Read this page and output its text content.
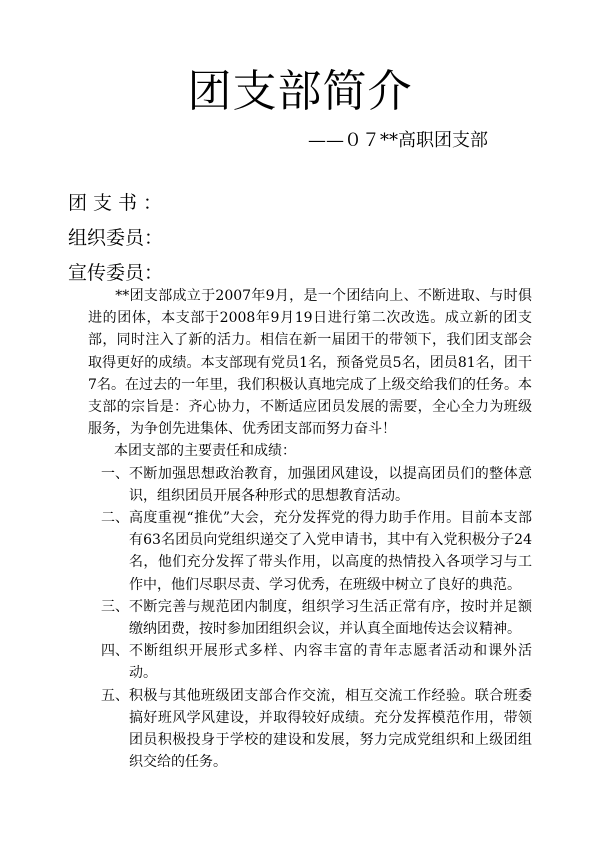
团支部简介
——０７**高职团支部
团支书：
组织委员：
宣传委员：

**团支部成立于2007年9月，是一个团结向上、不断进取、与时俱进的团体，本支部于2008年9月19日进行第二次改选。成立新的团支部，同时注入了新的活力。相信在新一届团干的带领下，我们团支部会取得更好的成绩。本支部现有党员1名，预备党员5名，团员81名，团干7名。在过去的一年里，我们积极认真地完成了上级交给我们的任务。本支部的宗旨是：齐心协力，不断适应团员发展的需要，全心全力为班级服务，为争创先进集体、优秀团支部而努力奋斗！

本团支部的主要责任和成绩：

一、 不断加强思想政治教育，加强团风建设，以提高团员们的整体意识，组织团员开展各种形式的思想教育活动。
二、 高度重视“推优”大会，充分发挥党的得力助手作用。目前本支部有63名团员向党组织递交了入党申请书，其中有入党积极分子24名，他们充分发挥了带头作用，以高度的热情投入各项学习与工作中，他们尽职尽责、学习优秀，在班级中树立了良好的典范。
三、 不断完善与规范团内制度，组织学习生活正常有序，按时并足额缴纳团费，按时参加团组织会议，并认真全面地传达会议精神。
四、 不断组织开展形式多样、内容丰富的青年志愿者活动和课外活动。
五、 积极与其他班级团支部合作交流，相互交流工作经验。联合班委搞好班风学风建设，并取得较好成绩。充分发挥模范作用，带领团员积极投身于学校的建设和发展，努力完成党组织和上级团组织交给的任务。
